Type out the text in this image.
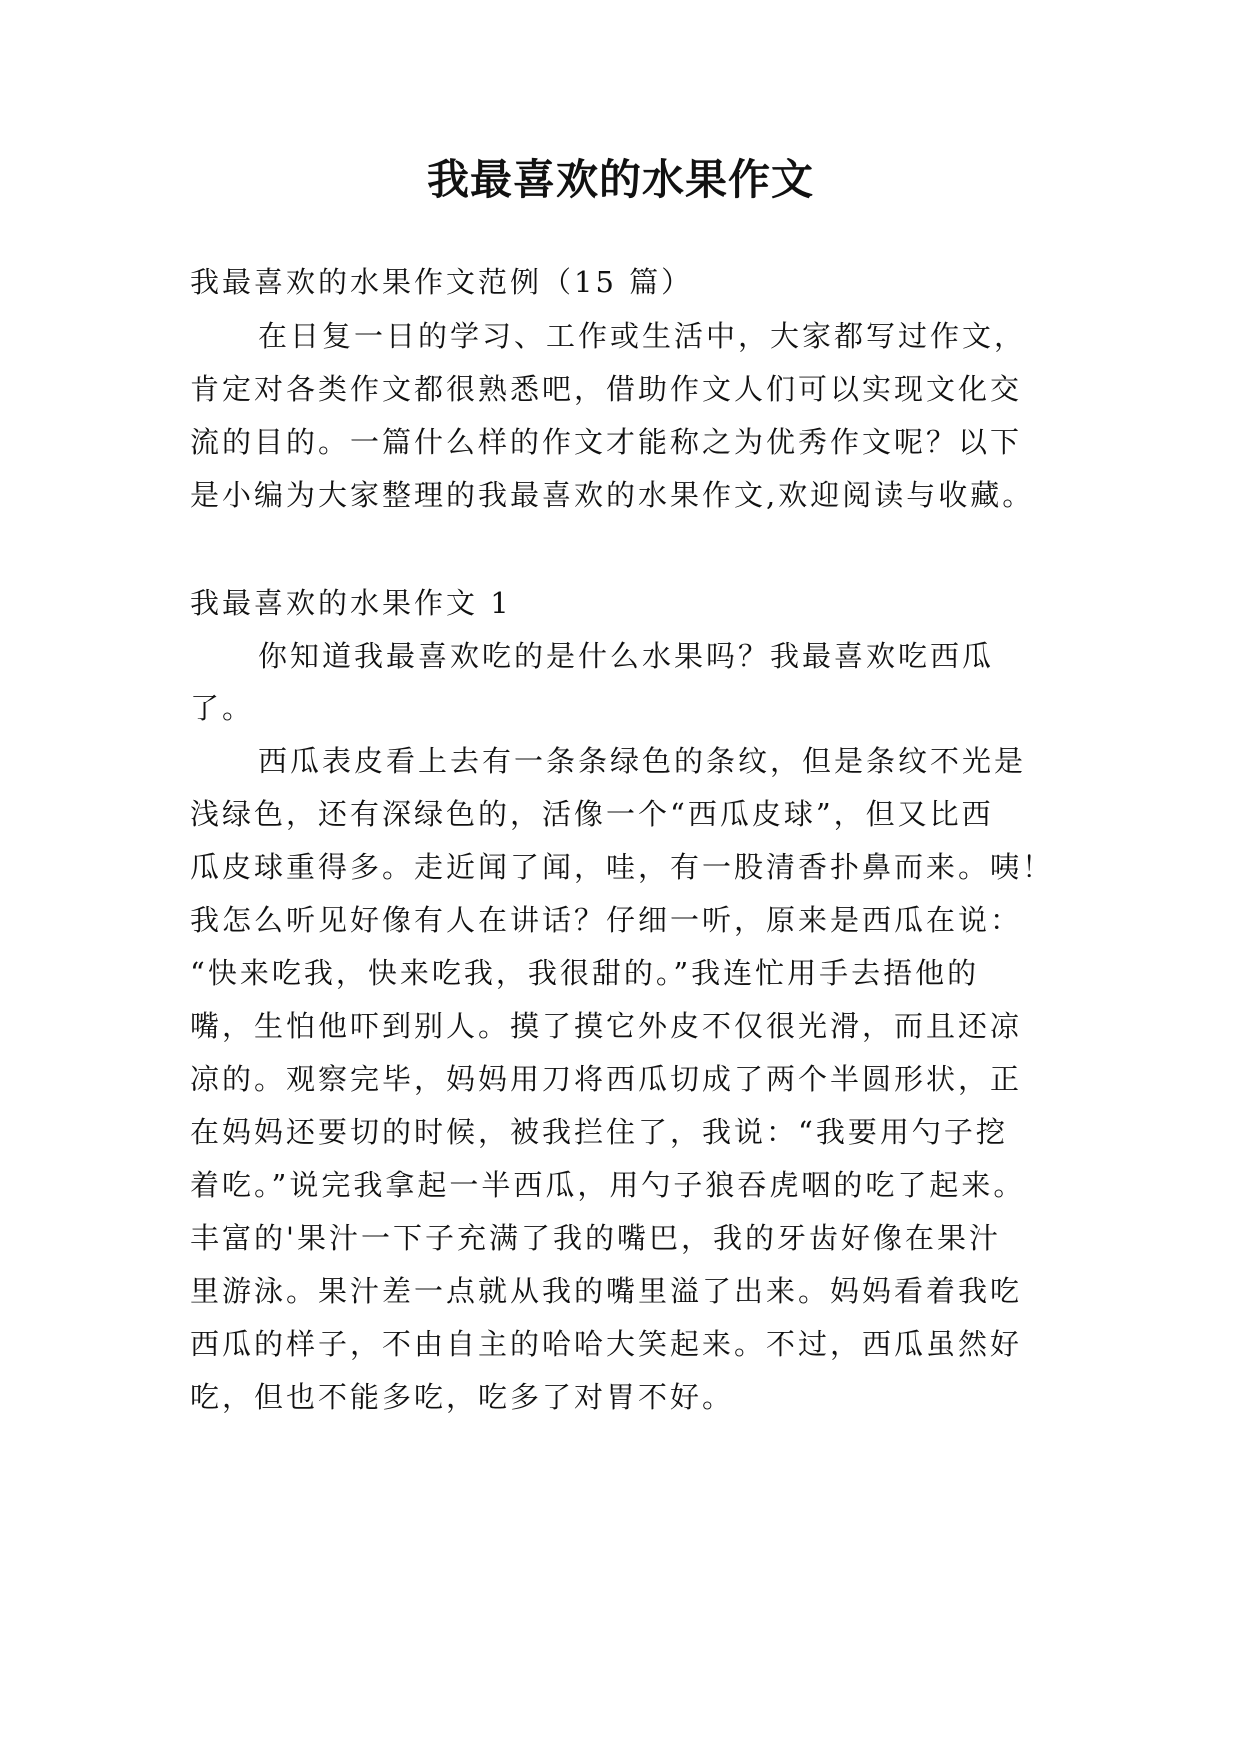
我最喜欢的水果作文
我最喜欢的水果作文范例（15 篇）
在日复一日的学习、工作或生活中，大家都写过作文，
肯定对各类作文都很熟悉吧，借助作文人们可以实现文化交
流的目的。一篇什么样的作文才能称之为优秀作文呢？以下
是小编为大家整理的我最喜欢的水果作文,欢迎阅读与收藏。
我最喜欢的水果作文 1
你知道我最喜欢吃的是什么水果吗？我最喜欢吃西瓜
了。
西瓜表皮看上去有一条条绿色的条纹，但是条纹不光是
浅绿色，还有深绿色的，活像一个“西瓜皮球”，但又比西
瓜皮球重得多。走近闻了闻，哇，有一股清香扑鼻而来。咦！
我怎么听见好像有人在讲话？仔细一听，原来是西瓜在说：
“快来吃我，快来吃我，我很甜的。”我连忙用手去捂他的
嘴，生怕他吓到别人。摸了摸它外皮不仅很光滑，而且还凉
凉的。观察完毕，妈妈用刀将西瓜切成了两个半圆形状，正
在妈妈还要切的时候，被我拦住了，我说：“我要用勺子挖
着吃。”说完我拿起一半西瓜，用勺子狼吞虎咽的吃了起来。
丰富的'果汁一下子充满了我的嘴巴，我的牙齿好像在果汁
里游泳。果汁差一点就从我的嘴里溢了出来。妈妈看着我吃
西瓜的样子，不由自主的哈哈大笑起来。不过，西瓜虽然好
吃，但也不能多吃，吃多了对胃不好。
